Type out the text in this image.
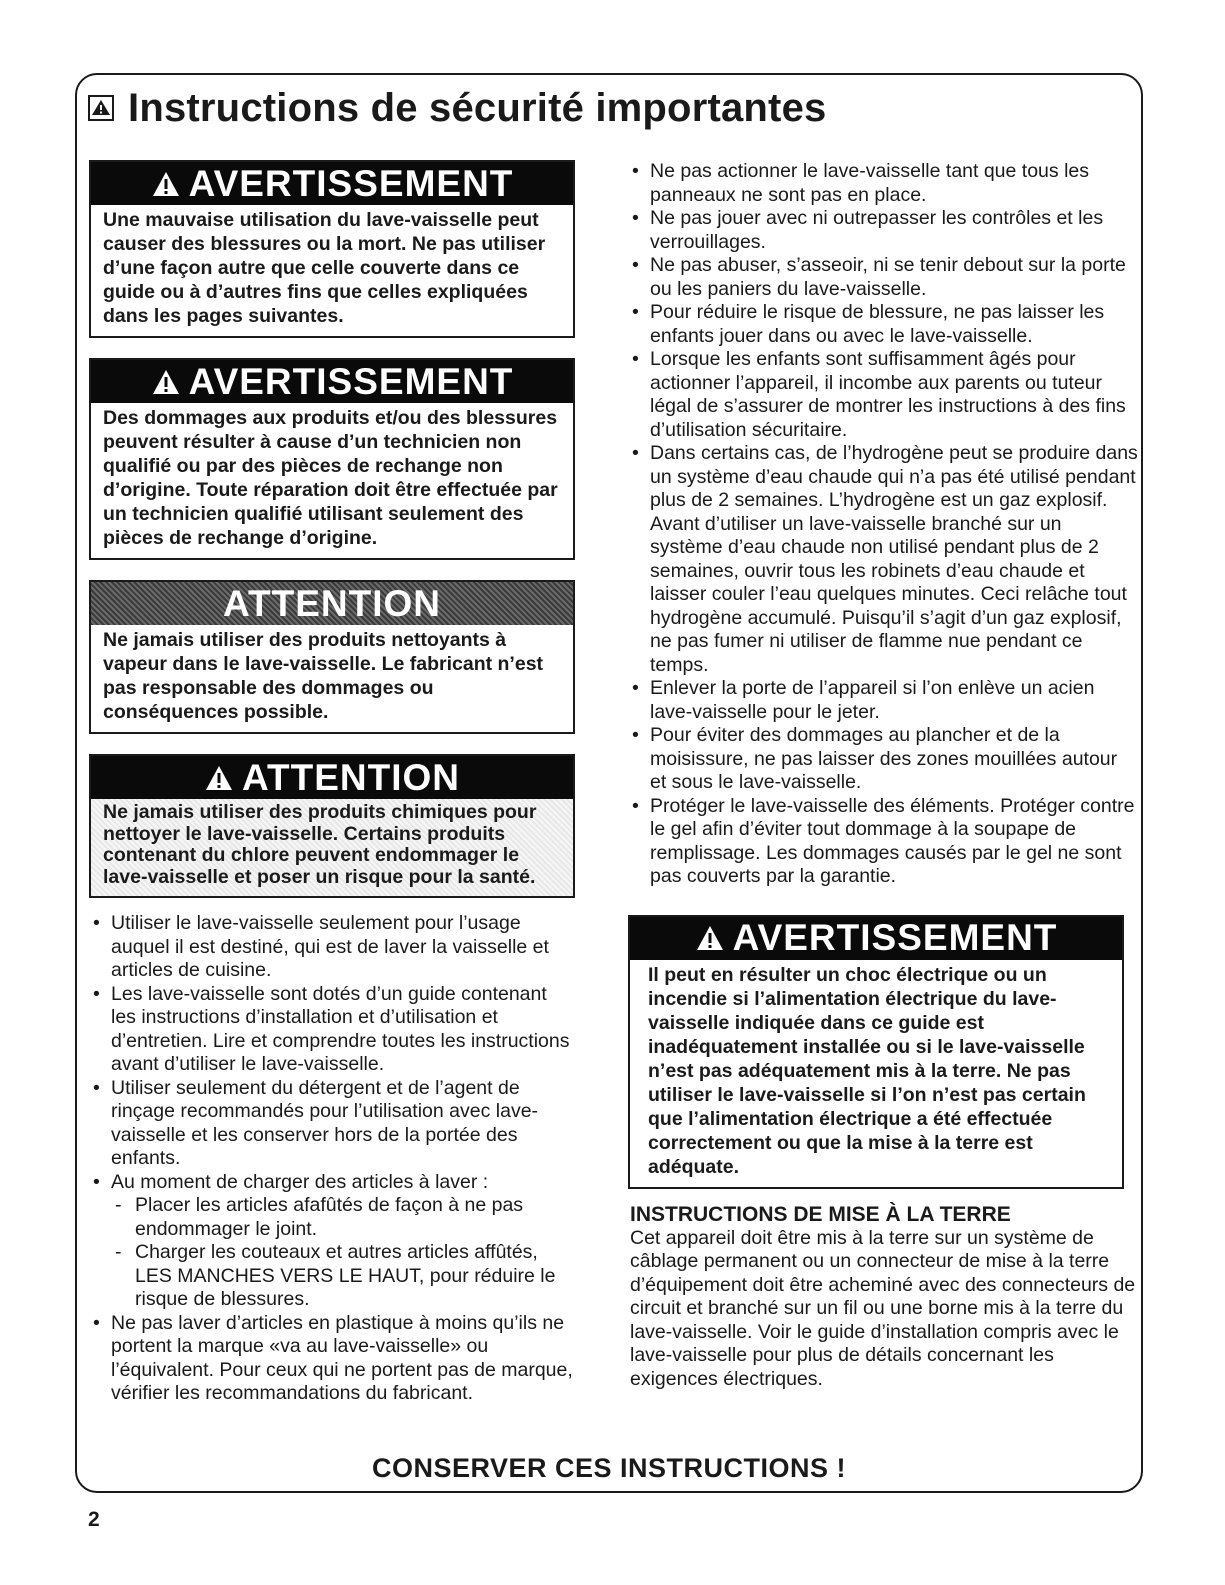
Instructions de sécurité importantes
AVERTISSEMENT
Une mauvaise utilisation du lave-vaisselle peut causer des blessures ou la mort. Ne pas utiliser d’une façon autre que celle couverte dans ce guide ou à d’autres fins que celles expliquées dans les pages suivantes.
AVERTISSEMENT
Des dommages aux produits et/ou des blessures peuvent résulter à cause d’un technicien non qualifié ou par des pièces de rechange non d’origine. Toute réparation doit être effectuée par un technicien qualifié utilisant seulement des pièces de rechange d’origine.
ATTENTION
Ne jamais utiliser des produits nettoyants à vapeur dans le lave-vaisselle. Le fabricant n’est pas responsable des dommages ou conséquences possible.
ATTENTION
Ne jamais utiliser des produits chimiques pour nettoyer le lave-vaisselle. Certains produits contenant du chlore peuvent endommager le lave-vaisselle et poser un risque pour la santé.
• Utiliser le lave-vaisselle seulement pour l’usage auquel il est destiné, qui est de laver la vaisselle et articles de cuisine.
• Les lave-vaisselle sont dotés d’un guide contenant les instructions d’installation et d’utilisation et d’entretien. Lire et comprendre toutes les instructions avant d’utiliser le lave-vaisselle.
• Utiliser seulement du détergent et de l’agent de rinçage recommandés pour l’utilisation avec lave-vaisselle et les conserver hors de la portée des enfants.
• Au moment de charger des articles à laver :
- Placer les articles afafûtés de façon à ne pas endommager le joint.
- Charger les couteaux et autres articles affûtés, LES MANCHES VERS LE HAUT, pour réduire le risque de blessures.
• Ne pas laver d’articles en plastique à moins qu’ils ne portent la marque «va au lave-vaisselle» ou l’équivalent. Pour ceux qui ne portent pas de marque, vérifier les recommandations du fabricant.
• Ne pas actionner le lave-vaisselle tant que tous les panneaux ne sont pas en place.
• Ne pas jouer avec ni outrepasser les contrôles et les verrouillages.
• Ne pas abuser, s’asseoir, ni se tenir debout sur la porte ou les paniers du lave-vaisselle.
• Pour réduire le risque de blessure, ne pas laisser les enfants jouer dans ou avec le lave-vaisselle.
• Lorsque les enfants sont suffisamment âgés pour actionner l’appareil, il incombe aux parents ou tuteur légal de s’assurer de montrer les instructions à des fins d’utilisation sécuritaire.
• Dans certains cas, de l’hydrogène peut se produire dans un système d’eau chaude qui n’a pas été utilisé pendant plus de 2 semaines. L’hydrogène est un gaz explosif. Avant d’utiliser un lave-vaisselle branché sur un système d’eau chaude non utilisé pendant plus de 2 semaines, ouvrir tous les robinets d’eau chaude et laisser couler l’eau quelques minutes. Ceci relâche tout hydrogène accumulé. Puisqu’il s’agit d’un gaz explosif, ne pas fumer ni utiliser de flamme nue pendant ce temps.
• Enlever la porte de l’appareil si l’on enlève un acien lave-vaisselle pour le jeter.
• Pour éviter des dommages au plancher et de la moisissure, ne pas laisser des zones mouillées autour et sous le lave-vaisselle.
• Protéger le lave-vaisselle des éléments. Protéger contre le gel afin d’éviter tout dommage à la soupape de remplissage. Les dommages causés par le gel ne sont pas couverts par la garantie.
AVERTISSEMENT
Il peut en résulter un choc électrique ou un incendie si l’alimentation électrique du lave-vaisselle indiquée dans ce guide est inadéquatement installée ou si le lave-vaisselle n’est pas adéquatement mis à la terre. Ne pas utiliser le lave-vaisselle si l’on n’est pas certain que l’alimentation électrique a été effectuée correctement ou que la mise à la terre est adéquate.
INSTRUCTIONS DE MISE À LA TERRE
Cet appareil doit être mis à la terre sur un système de câblage permanent ou un connecteur de mise à la terre d’équipement doit être acheminé avec des connecteurs de circuit et branché sur un fil ou une borne mis à la terre du lave-vaisselle. Voir le guide d’installation compris avec le lave-vaisselle pour plus de détails concernant les exigences électriques.
CONSERVER CES INSTRUCTIONS !
2
